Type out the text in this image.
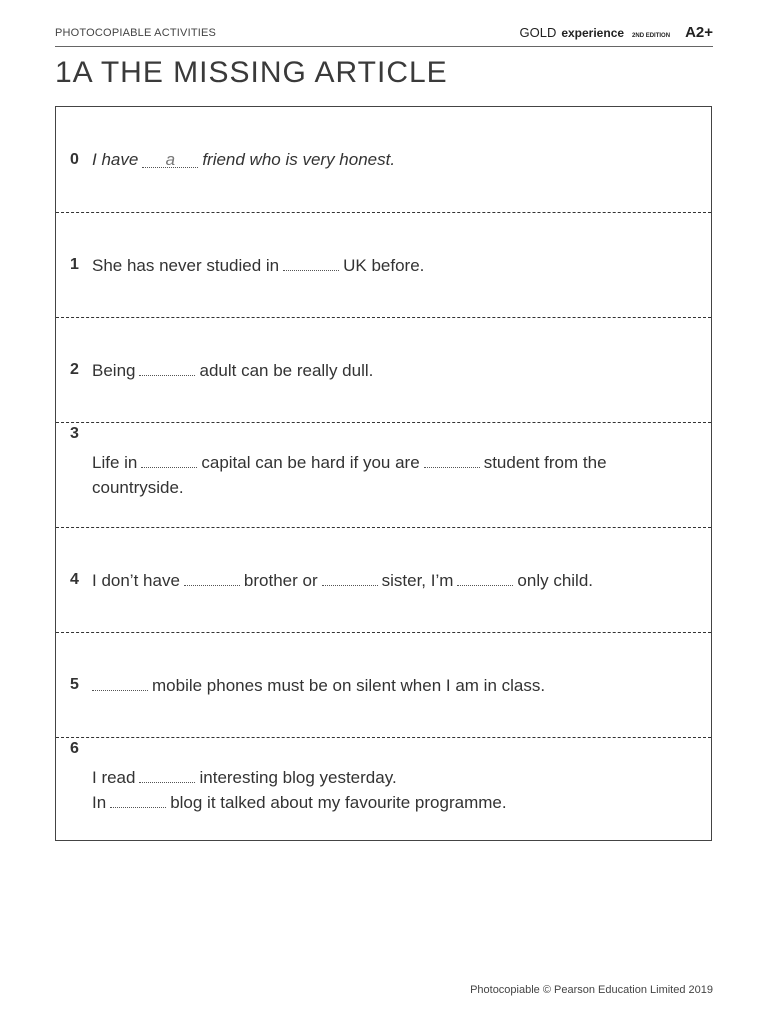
PHOTOCOPIABLE ACTIVITIES	GOLD experience 2ND EDITION A2+
1A THE MISSING ARTICLE
0 I have a friend who is very honest.
1 She has never studied in	UK before.
2 Being	adult can be really dull.
3
Life in	capital can be hard if you are	student from the
countryside.
4 I don’t have	brother or	sister, I’m	only child.
5	mobile phones must be on silent when I am in class.
6
I read	interesting blog yesterday.
In	blog it talked about my favourite programme.
Photocopiable © Pearson Education Limited 2019
